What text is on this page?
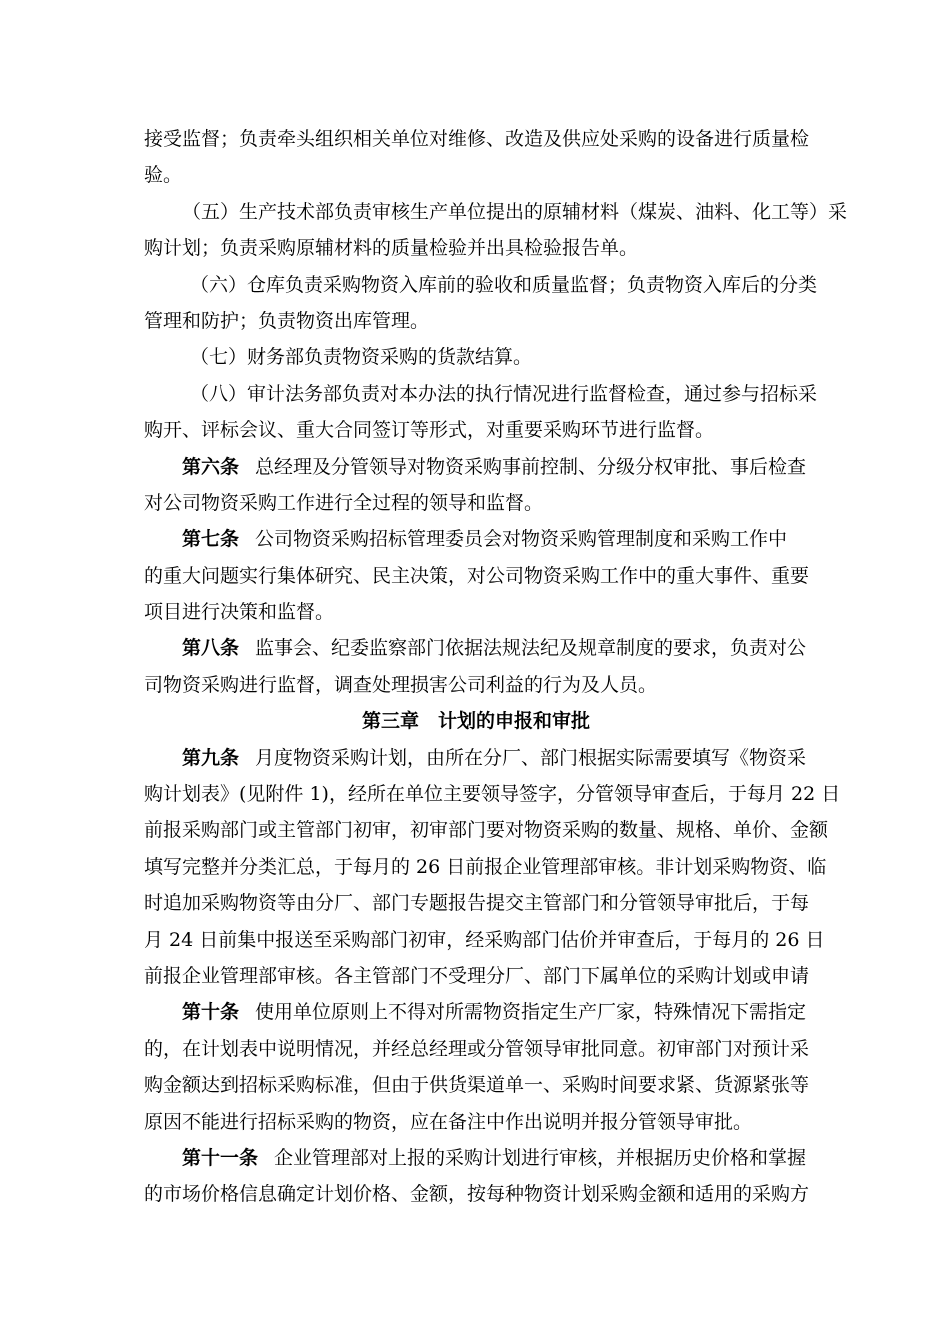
接受监督；负责牵头组织相关单位对维修、改造及供应处采购的设备进行质量检
验。
（五）生产技术部负责审核生产单位提出的原辅材料（煤炭、油料、化工等）采
购计划；负责采购原辅材料的质量检验并出具检验报告单。
（六）仓库负责采购物资入库前的验收和质量监督；负责物资入库后的分类
管理和防护；负责物资出库管理。
（七）财务部负责物资采购的货款结算。
（八）审计法务部负责对本办法的执行情况进行监督检查，通过参与招标采
购开、评标会议、重大合同签订等形式，对重要采购环节进行监督。
第六条 总经理及分管领导对物资采购事前控制、分级分权审批、事后检查
对公司物资采购工作进行全过程的领导和监督。
第七条 公司物资采购招标管理委员会对物资采购管理制度和采购工作中
的重大问题实行集体研究、民主决策，对公司物资采购工作中的重大事件、重要
项目进行决策和监督。
第八条 监事会、纪委监察部门依据法规法纪及规章制度的要求，负责对公
司物资采购进行监督，调查处理损害公司利益的行为及人员。
第三章　计划的申报和审批
第九条 月度物资采购计划，由所在分厂、部门根据实际需要填写《物资采
购计划表》(见附件 1)，经所在单位主要领导签字，分管领导审查后，于每月 22 日
前报采购部门或主管部门初审，初审部门要对物资采购的数量、规格、单价、金额
填写完整并分类汇总，于每月的 26 日前报企业管理部审核。非计划采购物资、临
时追加采购物资等由分厂、部门专题报告提交主管部门和分管领导审批后，于每
月 24 日前集中报送至采购部门初审，经采购部门估价并审查后，于每月的 26 日
前报企业管理部审核。各主管部门不受理分厂、部门下属单位的采购计划或申请
第十条 使用单位原则上不得对所需物资指定生产厂家，特殊情况下需指定
的，在计划表中说明情况，并经总经理或分管领导审批同意。初审部门对预计采
购金额达到招标采购标准，但由于供货渠道单一、采购时间要求紧、货源紧张等
原因不能进行招标采购的物资，应在备注中作出说明并报分管领导审批。
第十一条 企业管理部对上报的采购计划进行审核，并根据历史价格和掌握
的市场价格信息确定计划价格、金额，按每种物资计划采购金额和适用的采购方
